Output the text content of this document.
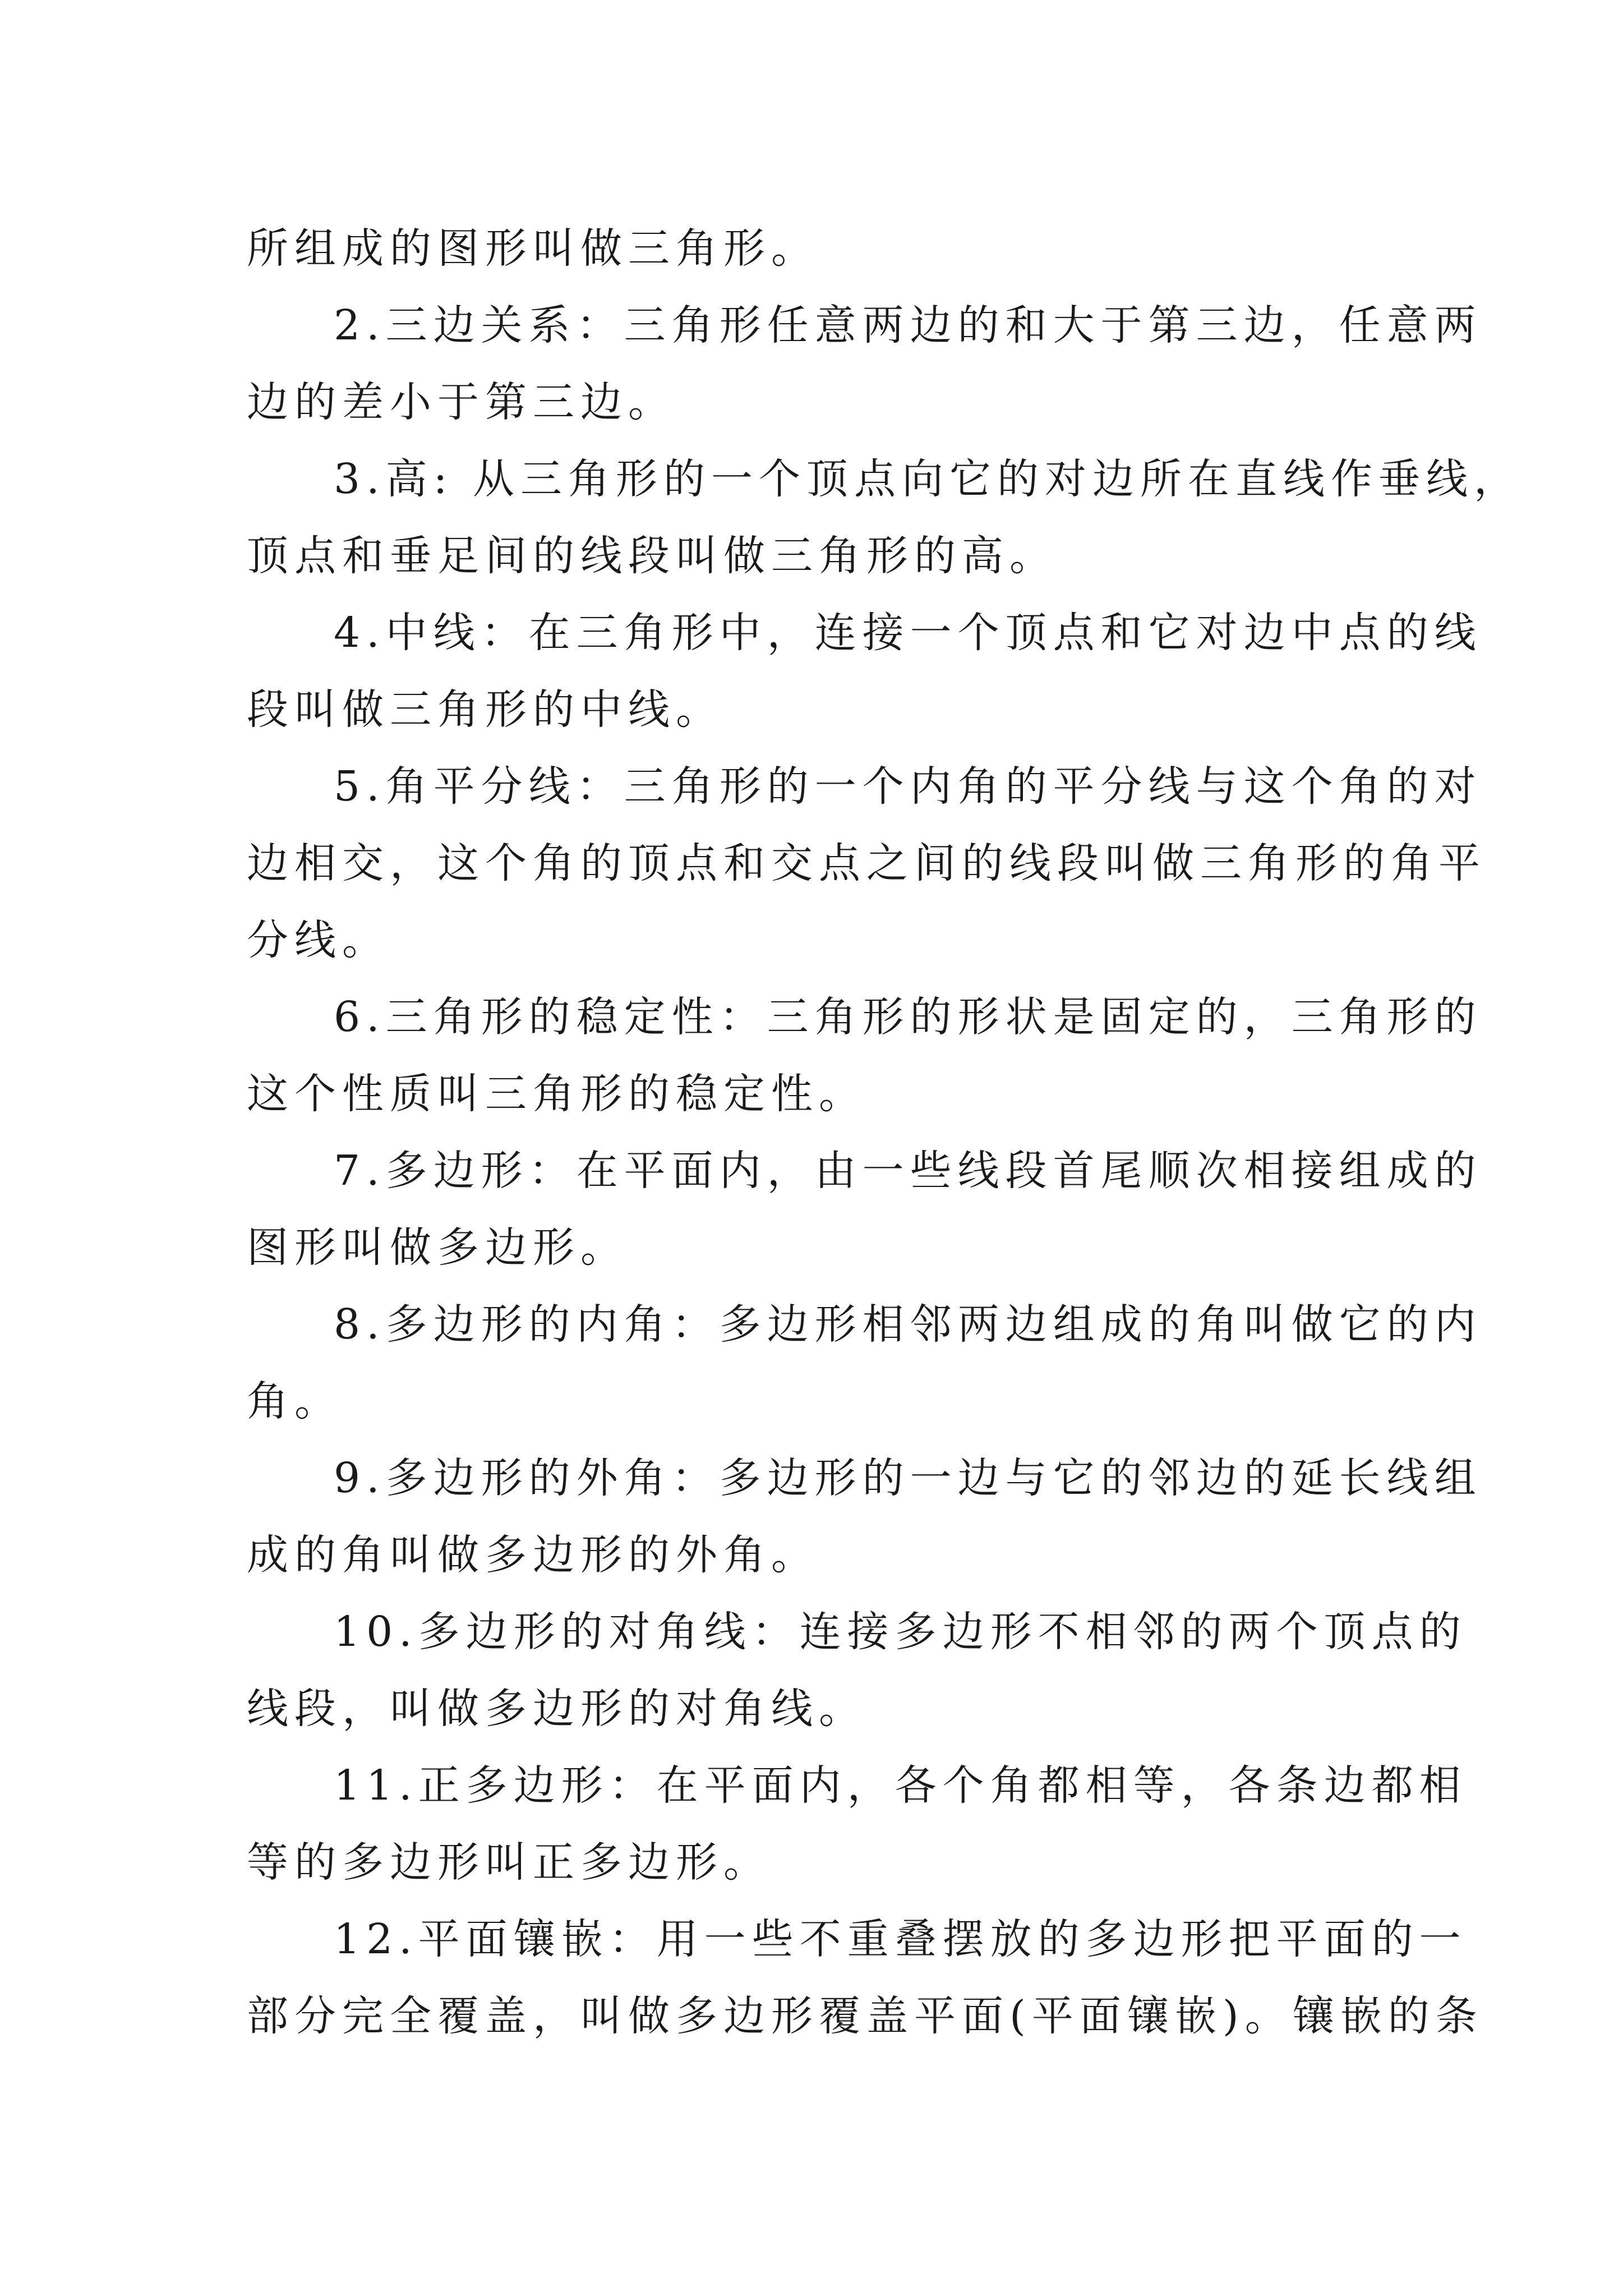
所组成的图形叫做三角形。
2.三边关系：三角形任意两边的和大于第三边，任意两
边的差小于第三边。
3.高: 从三角形的一个顶点向它的对边所在直线作垂线，
顶点和垂足间的线段叫做三角形的高。
4.中线：在三角形中，连接一个顶点和它对边中点的线
段叫做三角形的中线。
5.角平分线：三角形的一个内角的平分线与这个角的对
边相交，这个角的顶点和交点之间的线段叫做三角形的角平
分线。
6.三角形的稳定性：三角形的形状是固定的，三角形的
这个性质叫三角形的稳定性。
7.多边形：在平面内，由一些线段首尾顺次相接组成的
图形叫做多边形。
8.多边形的内角：多边形相邻两边组成的角叫做它的内
角。
9.多边形的外角：多边形的一边与它的邻边的延长线组
成的角叫做多边形的外角。
10.多边形的对角线：连接多边形不相邻的两个顶点的
线段，叫做多边形的对角线。
11.正多边形：在平面内，各个角都相等，各条边都相
等的多边形叫正多边形。
12.平面镶嵌：用一些不重叠摆放的多边形把平面的一
部分完全覆盖，叫做多边形覆盖平面(平面镶嵌)。镶嵌的条
